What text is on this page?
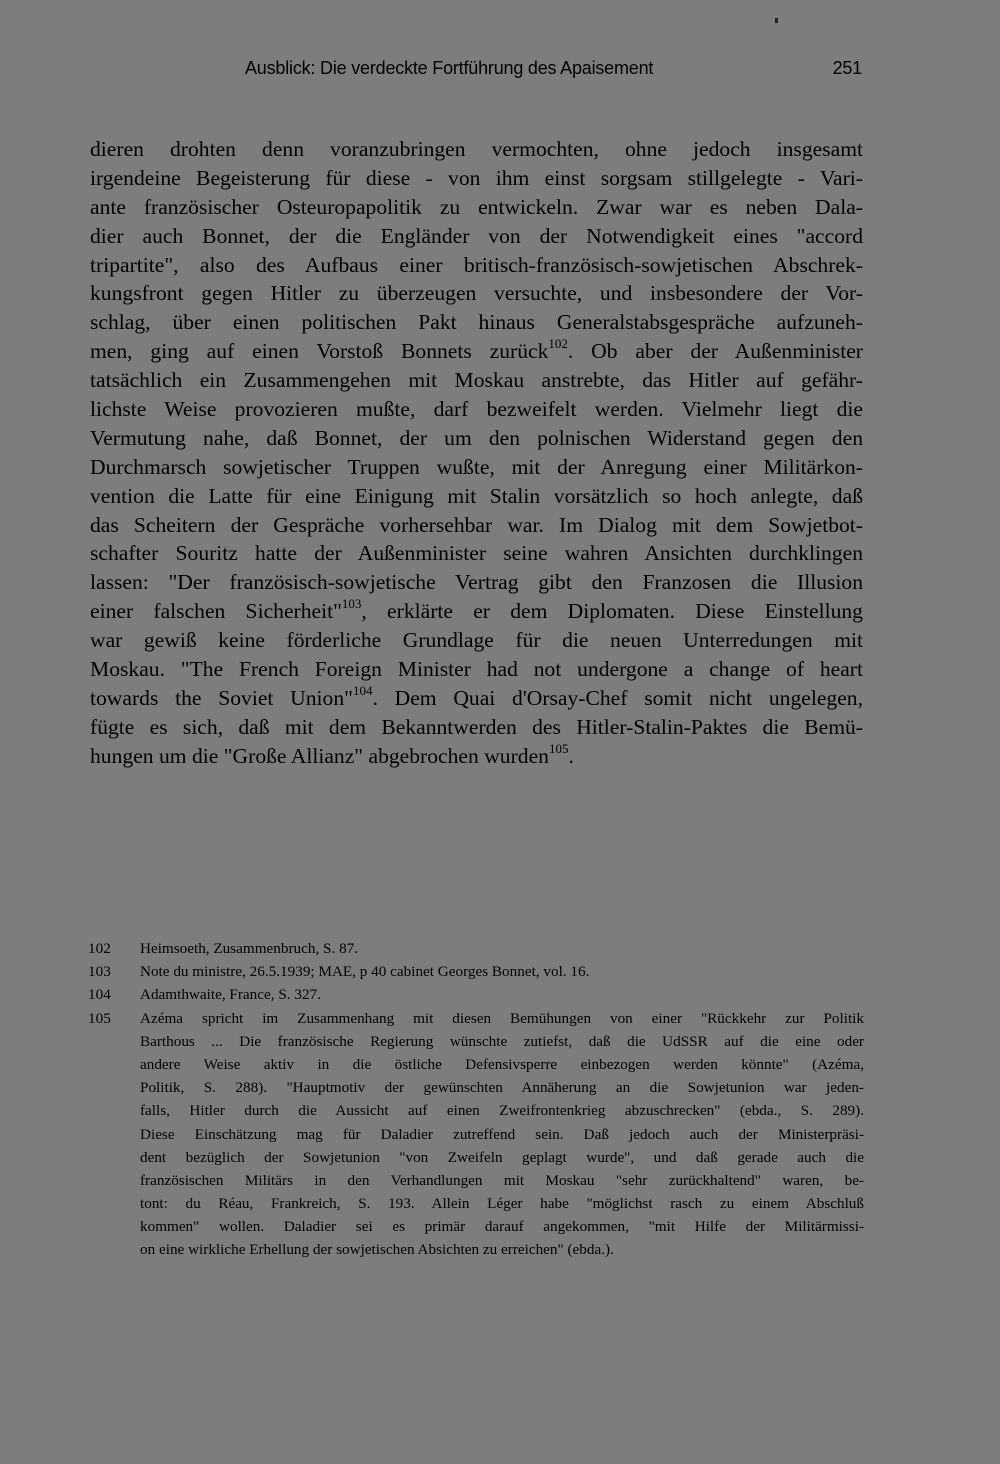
Ausblick: Die verdeckte Fortführung des Apaisement	251
dieren drohten denn voranzubringen vermochten, ohne jedoch insgesamt
irgendeine Begeisterung für diese - von ihm einst sorgsam stillgelegte - Vari-
ante französischer Osteuropapolitik zu entwickeln. Zwar war es neben Dala-
dier auch Bonnet, der die Engländer von der Notwendigkeit eines "accord
tripartite", also des Aufbaus einer britisch-französisch-sowjetischen Abschrek-
kungsfront gegen Hitler zu überzeugen versuchte, und insbesondere der Vor-
schlag, über einen politischen Pakt hinaus Generalstabsgespräche aufzuneh-
men, ging auf einen Vorstoß Bonnets zurück$^{102}$. Ob aber der Außenminister
tatsächlich ein Zusammengehen mit Moskau anstrebte, das Hitler auf gefähr-
lichste Weise provozieren mußte, darf bezweifelt werden. Vielmehr liegt die
Vermutung nahe, daß Bonnet, der um den polnischen Widerstand gegen den
Durchmarsch sowjetischer Truppen wußte, mit der Anregung einer Militärkon-
vention die Latte für eine Einigung mit Stalin vorsätzlich so hoch anlegte, daß
das Scheitern der Gespräche vorhersehbar war. Im Dialog mit dem Sowjetbot-
schafter Souritz hatte der Außenminister seine wahren Ansichten durchklingen
lassen: "Der französisch-sowjetische Vertrag gibt den Franzosen die Illusion
einer falschen Sicherheit"$^{103}$, erklärte er dem Diplomaten. Diese Einstellung
war gewiß keine förderliche Grundlage für die neuen Unterredungen mit
Moskau. "The French Foreign Minister had not undergone a change of heart
towards the Soviet Union"$^{104}$. Dem Quai d'Orsay-Chef somit nicht ungelegen,
fügte es sich, daß mit dem Bekanntwerden des Hitler-Stalin-Paktes die Bemü-
hungen um die "Große Allianz" abgebrochen wurden$^{105}$.
102 Heimsoeth, Zusammenbruch, S. 87.
103 Note du ministre, 26.5.1939; MAE, p 40 cabinet Georges Bonnet, vol. 16.
104 Adamthwaite, France, S. 327.
105 Azéma spricht im Zusammenhang mit diesen Bemühungen von einer "Rückkehr zur Politik
Barthous ... Die französische Regierung wünschte zutiefst, daß die UdSSR auf die eine oder
andere Weise aktiv in die östliche Defensivsperre einbezogen werden könnte" (Azéma,
Politik, S. 288). "Hauptmotiv der gewünschten Annäherung an die Sowjetunion war jeden-
falls, Hitler durch die Aussicht auf einen Zweifrontenkrieg abzuschrecken" (ebda., S. 289).
Diese Einschätzung mag für Daladier zutreffend sein. Daß jedoch auch der Ministerpräsi-
dent bezüglich der Sowjetunion "von Zweifeln geplagt wurde", und daß gerade auch die
französischen Militärs in den Verhandlungen mit Moskau "sehr zurückhaltend" waren, be-
tont: du Réau, Frankreich, S. 193. Allein Léger habe "möglichst rasch zu einem Abschluß
kommen" wollen. Daladier sei es primär darauf angekommen, "mit Hilfe der Militärmissi-
on eine wirkliche Erhellung der sowjetischen Absichten zu erreichen" (ebda.).
